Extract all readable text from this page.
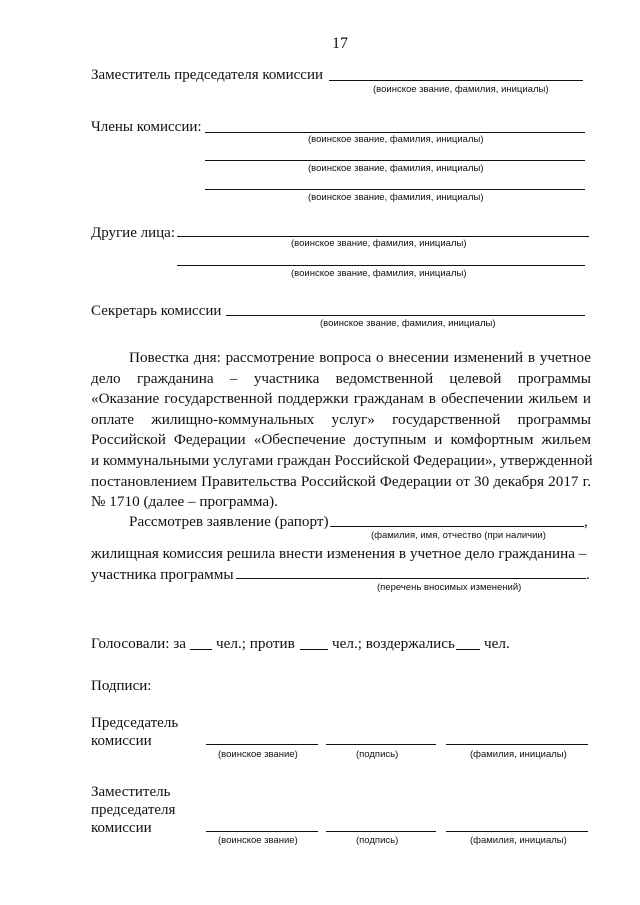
17
Заместитель председателя комиссии
(воинское звание, фамилия, инициалы)
Члены комиссии:
(воинское звание, фамилия, инициалы)
(воинское звание, фамилия, инициалы)
(воинское звание, фамилия, инициалы)
Другие лица:
(воинское звание, фамилия, инициалы)
(воинское звание, фамилия, инициалы)
Секретарь комиссии
(воинское звание, фамилия, инициалы)
Повестка дня: рассмотрение вопроса о внесении изменений в учетное
дело гражданина – участника ведомственной целевой программы
«Оказание государственной поддержки гражданам в обеспечении жильем и
оплате жилищно-коммунальных услуг» государственной программы
Российской Федерации «Обеспечение доступным и комфортным жильем
и коммунальными услугами граждан Российской Федерации», утвержденной
постановлением Правительства Российской Федерации от 30 декабря 2017 г.
№ 1710 (далее – программа).
Рассмотрев заявление (рапорт)	,
(фамилия, имя, отчество (при наличии)
жилищная комиссия решила внести изменения в учетное дело гражданина –
участника программы	.
(перечень вносимых изменений)
Голосовали: за чел.; против чел.; воздержались чел.
Подписи:
Председатель
комиссии
(воинское звание)	(подпись)	(фамилия, инициалы)
Заместитель
председателя
комиссии
(воинское звание)	(подпись)	(фамилия, инициалы)
